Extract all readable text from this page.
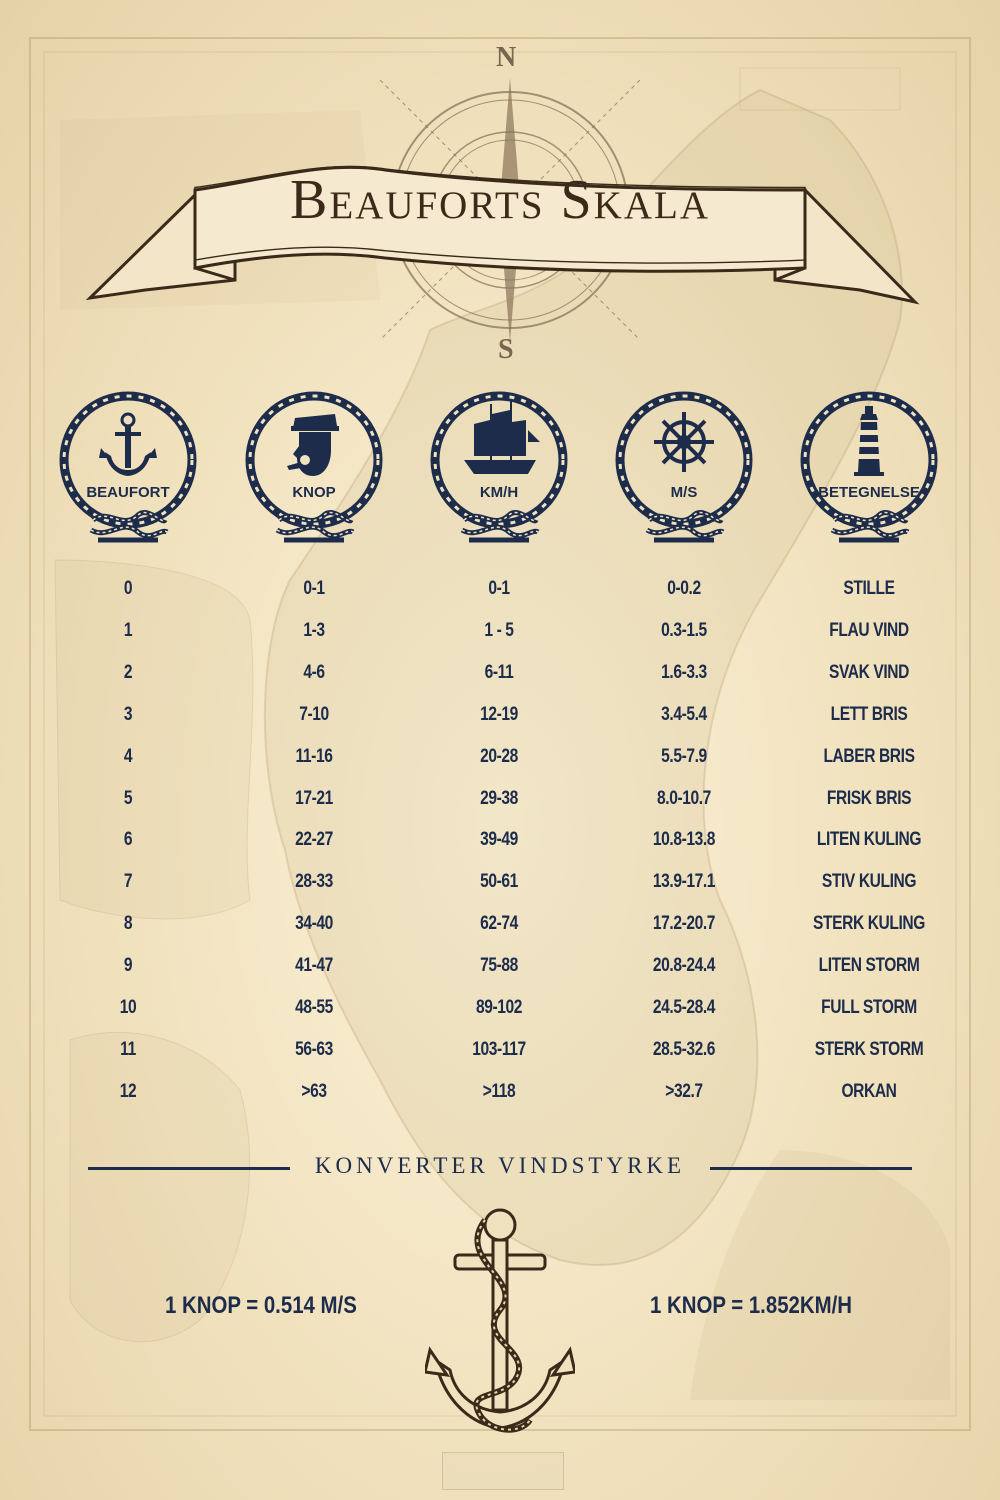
N
S
Beauforts Skala
BEAUFORT	KNOP	KM/H	M/S	BETEGNELSE
0	0-1	0-1	0-0.2	STILLE
1	1-3	1 - 5	0.3-1.5	FLAU VIND
2	4-6	6-11	1.6-3.3	SVAK VIND
3	7-10	12-19	3.4-5.4	LETT BRIS
4	11-16	20-28	5.5-7.9	LABER BRIS
5	17-21	29-38	8.0-10.7	FRISK BRIS
6	22-27	39-49	10.8-13.8	LITEN KULING
7	28-33	50-61	13.9-17.1	STIV KULING
8	34-40	62-74	17.2-20.7	STERK KULING
9	41-47	75-88	20.8-24.4	LITEN STORM
10	48-55	89-102	24.5-28.4	FULL STORM
11	56-63	103-117	28.5-32.6	STERK STORM
12	>63	>118	>32.7	ORKAN
KONVERTER VINDSTYRKE
1 KNOP = 0.514 M/S	1 KNOP = 1.852KM/H
